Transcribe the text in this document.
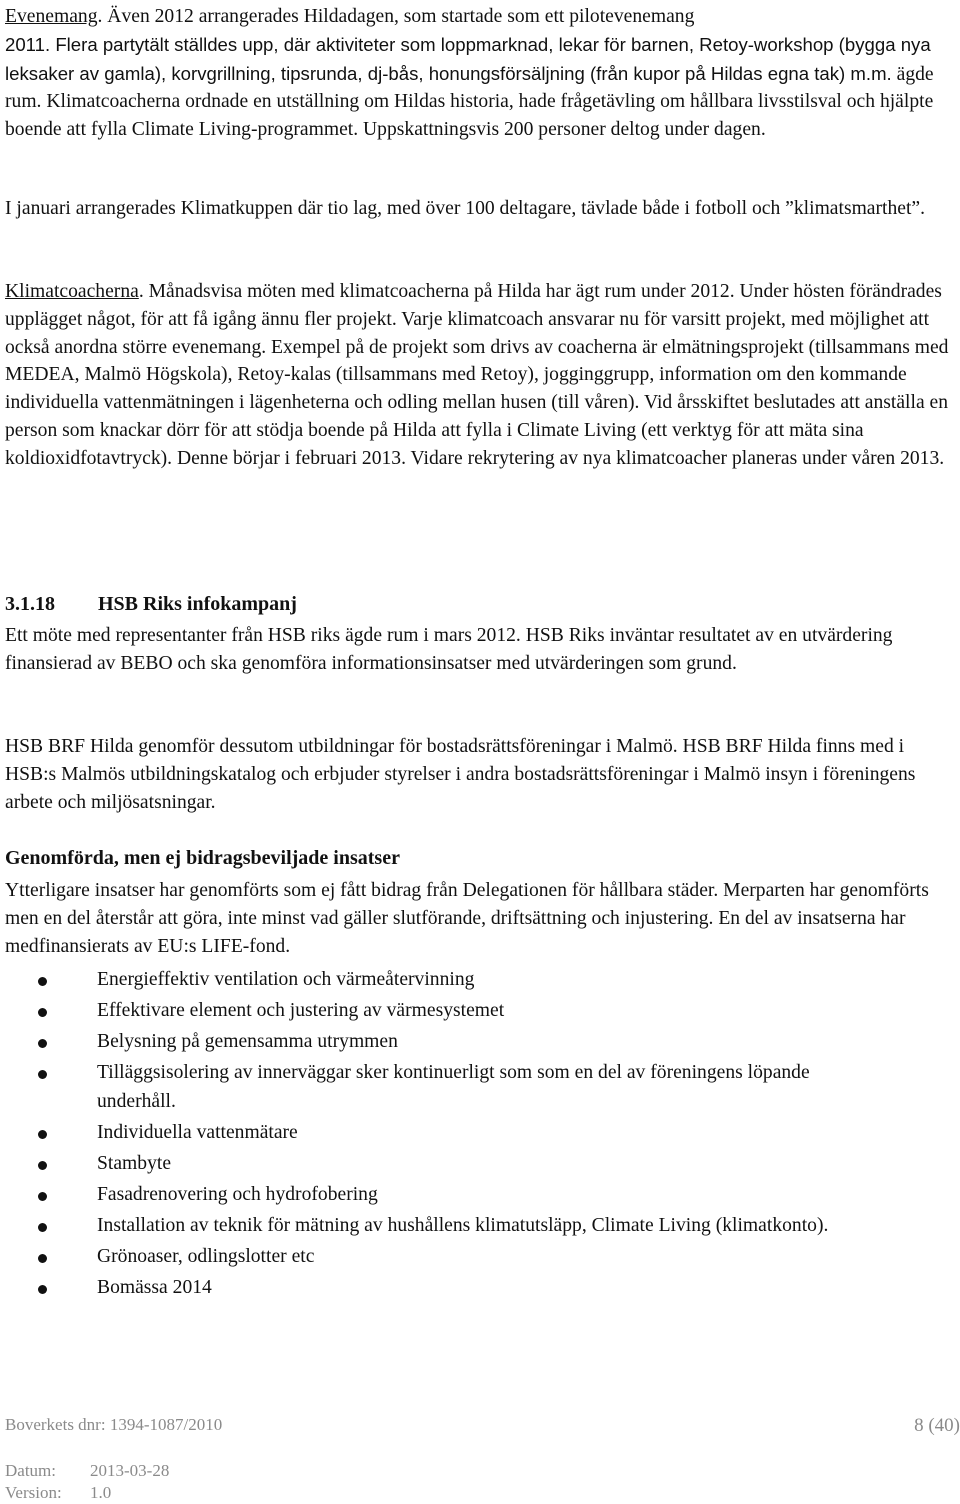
Evenemang. Även 2012 arrangerades Hildadagen, som startade som ett pilotevenemang
2011. Flera partytält ställdes upp, där aktiviteter som loppmarknad, lekar för barnen, Retoy-workshop (bygga nya leksaker av gamla), korvgrillning, tipsrunda, dj-bås, honungsförsäljning (från kupor på Hildas egna tak) m.m. ägde rum. Klimatcoacherna ordnade en utställning om Hildas historia, hade frågetävling om hållbara livsstilsval och hjälpte boende att fylla Climate Living-programmet. Uppskattningsvis 200 personer deltog under dagen.

I januari arrangerades Klimatkuppen där tio lag, med över 100 deltagare, tävlade både i fotboll och ”klimatsmarthet”.

Klimatcoacherna. Månadsvisa möten med klimatcoacherna på Hilda har ägt rum under 2012. Under hösten förändrades upplägget något, för att få igång ännu fler projekt. Varje klimatcoach ansvarar nu för varsitt projekt, med möjlighet att också anordna större evenemang. Exempel på de projekt som drivs av coacherna är elmätningsprojekt (tillsammans med MEDEA, Malmö Högskola), Retoy-kalas (tillsammans med Retoy), jogginggrupp, information om den kommande individuella vattenmätningen i lägenheterna och odling mellan husen (till våren). Vid årsskiftet beslutades att anställa en person som knackar dörr för att stödja boende på Hilda att fylla i Climate Living (ett verktyg för att mäta sina koldioxidfotavtryck). Denne börjar i februari 2013. Vidare rekrytering av nya klimatcoacher planeras under våren 2013.

3.1.18 HSB Riks infokampanj

Ett möte med representanter från HSB riks ägde rum i mars 2012. HSB Riks inväntar resultatet av en utvärdering finansierad av BEBO och ska genomföra informationsinsatser med utvärderingen som grund.

HSB BRF Hilda genomför dessutom utbildningar för bostadsrättsföreningar i Malmö. HSB BRF Hilda finns med i HSB:s Malmös utbildningskatalog och erbjuder styrelser i andra bostadsrättsföreningar i Malmö insyn i föreningens arbete och miljösatsningar.

Genomförda, men ej bidragsbeviljade insatser

Ytterligare insatser har genomförts som ej fått bidrag från Delegationen för hållbara städer. Merparten har genomförts men en del återstår att göra, inte minst vad gäller slutförande, driftsättning och injustering. En del av insatserna har medfinansierats av EU:s LIFE-fond.

Energieffektiv ventilation och värmeåtervinning
Effektivare element och justering av värmesystemet
Belysning på gemensamma utrymmen
Tilläggsisolering av innerväggar sker kontinuerligt som som en del av föreningens löpande underhåll.
Individuella vattenmätare
Stambyte
Fasadrenovering och hydrofobering
Installation av teknik för mätning av hushållens klimatutsläpp, Climate Living (klimatkonto).
Grönoaser, odlingslotter etc
Bomässa 2014
Boverkets dnr: 1394-1087/2010	8 (40)
Datum: 2013-03-28
Version: 1.0
